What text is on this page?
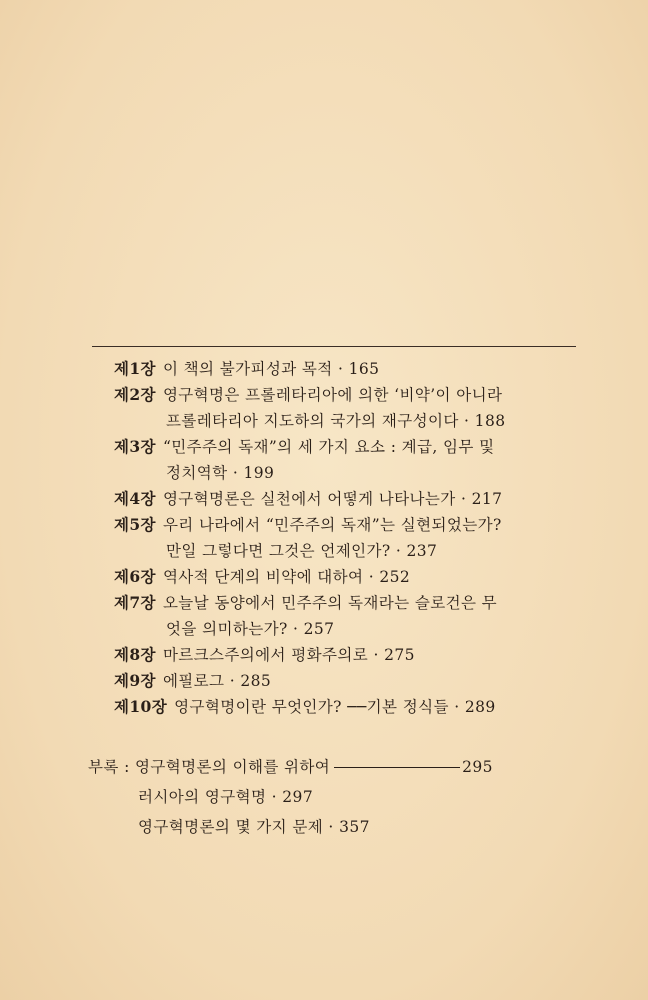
제1장 이 책의 불가피성과 목적 · 165
제2장 영구혁명은 프롤레타리아에 의한 ‘비약’이 아니라
프롤레타리아 지도하의 국가의 재구성이다 · 188
제3장 “민주주의 독재”의 세 가지 요소 : 계급, 임무 및
정치역학 · 199
제4장 영구혁명론은 실천에서 어떻게 나타나는가 · 217
제5장 우리 나라에서 “민주주의 독재”는 실현되었는가?
만일 그렇다면 그것은 언제인가? · 237
제6장 역사적 단계의 비약에 대하여 · 252
제7장 오늘날 동양에서 민주주의 독재라는 슬로건은 무
엇을 의미하는가? · 257
제8장 마르크스주의에서 평화주의로 · 275
제9장 에필로그 · 285
제10장 영구혁명이란 무엇인가? ──기본 정식들 · 289
부록 : 영구혁명론의 이해를 위하여	295
러시아의 영구혁명 · 297
영구혁명론의 몇 가지 문제 · 357
